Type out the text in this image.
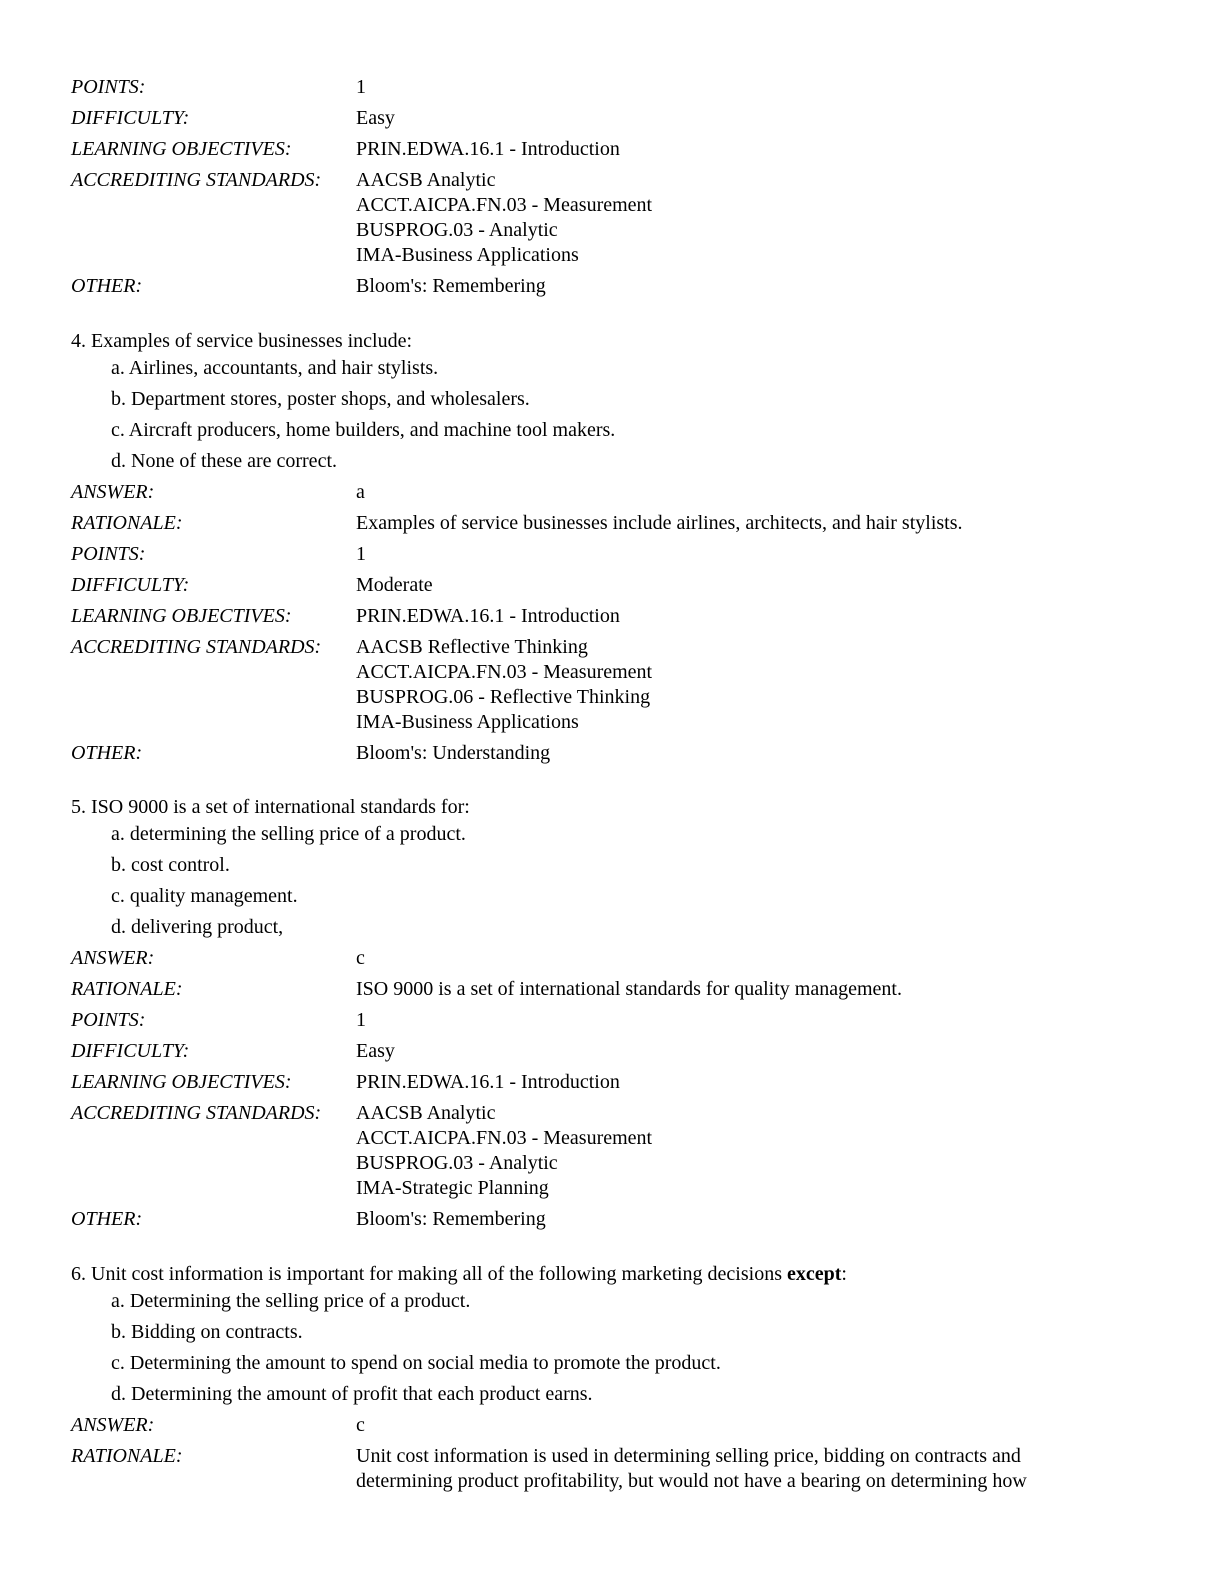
POINTS:	1
DIFFICULTY:	Easy
LEARNING OBJECTIVES:	PRIN.EDWA.16.1 - Introduction
ACCREDITING STANDARDS: AACSB Analytic
ACCT.AICPA.FN.03 - Measurement
BUSPROG.03 - Analytic
IMA-Business Applications
OTHER:	Bloom's: Remembering
4. Examples of service businesses include:
a. Airlines, accountants, and hair stylists.
b. Department stores, poster shops, and wholesalers.
c. Aircraft producers, home builders, and machine tool makers.
d. None of these are correct.
ANSWER:	a
RATIONALE:	Examples of service businesses include airlines, architects, and hair stylists.
POINTS:	1
DIFFICULTY:	Moderate
LEARNING OBJECTIVES:	PRIN.EDWA.16.1 - Introduction
ACCREDITING STANDARDS: AACSB Reflective Thinking
ACCT.AICPA.FN.03 - Measurement
BUSPROG.06 - Reflective Thinking
IMA-Business Applications
OTHER:	Bloom's: Understanding
5. ISO 9000 is a set of international standards for:
a. determining the selling price of a product.
b. cost control.
c. quality management.
d. delivering product,
ANSWER:	c
RATIONALE:	ISO 9000 is a set of international standards for quality management.
POINTS:	1
DIFFICULTY:	Easy
LEARNING OBJECTIVES:	PRIN.EDWA.16.1 - Introduction
ACCREDITING STANDARDS: AACSB Analytic
ACCT.AICPA.FN.03 - Measurement
BUSPROG.03 - Analytic
IMA-Strategic Planning
OTHER:	Bloom's: Remembering
6. Unit cost information is important for making all of the following marketing decisions except:
a. Determining the selling price of a product.
b. Bidding on contracts.
c. Determining the amount to spend on social media to promote the product.
d. Determining the amount of profit that each product earns.
ANSWER:	c
RATIONALE:	Unit cost information is used in determining selling price, bidding on contracts and
determining product profitability, but would not have a bearing on determining how
